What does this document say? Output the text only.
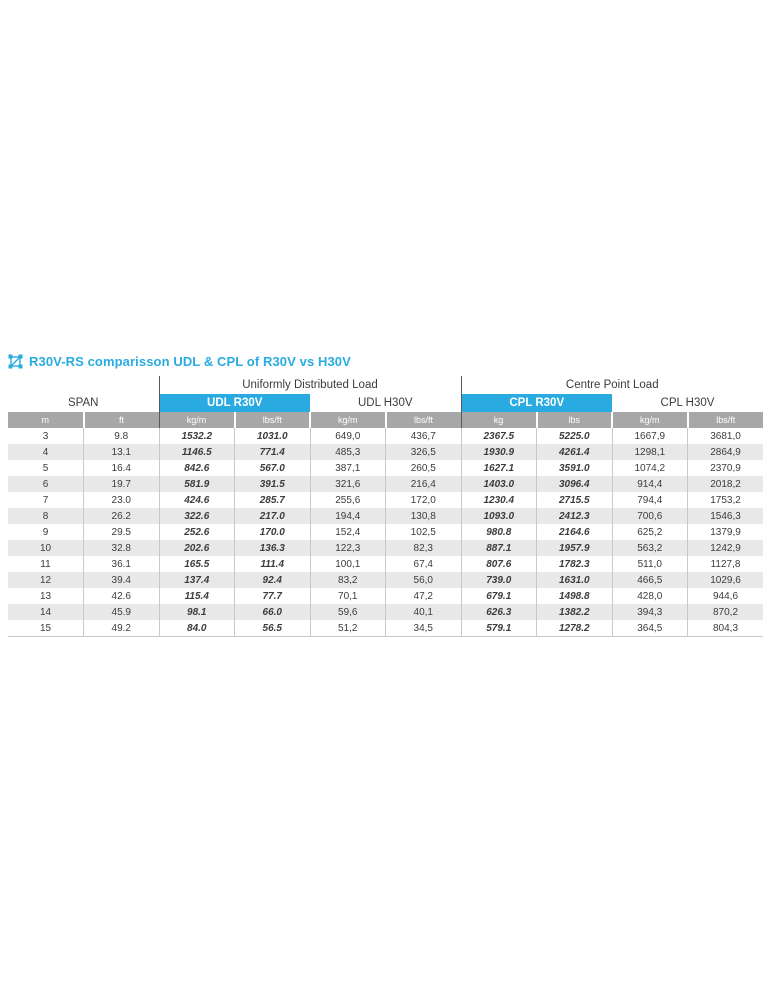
R30V-RS comparisson UDL & CPL of R30V vs H30V
		Uniformly Distributed Load				Centre Point Load			
SPAN		UDL R30V		UDL H30V		CPL R30V		CPL H30V	
m	ft	kg/m	lbs/ft	kg/m	lbs/ft	kg	lbs	kg/m	lbs/ft
3	9.8	1532.2	1031.0	649,0	436,7	2367.5	5225.0	1667,9	3681,0
4	13.1	1146.5	771.4	485,3	326,5	1930.9	4261.4	1298,1	2864,9
5	16.4	842.6	567.0	387,1	260,5	1627.1	3591.0	1074,2	2370,9
6	19.7	581.9	391.5	321,6	216,4	1403.0	3096.4	914,4	2018,2
7	23.0	424.6	285.7	255,6	172,0	1230.4	2715.5	794,4	1753,2
8	26.2	322.6	217.0	194,4	130,8	1093.0	2412.3	700,6	1546,3
9	29.5	252.6	170.0	152,4	102,5	980.8	2164.6	625,2	1379,9
10	32.8	202.6	136.3	122,3	82,3	887.1	1957.9	563,2	1242,9
11	36.1	165.5	111.4	100,1	67,4	807.6	1782.3	511,0	1127,8
12	39.4	137.4	92.4	83,2	56,0	739.0	1631.0	466,5	1029,6
13	42.6	115.4	77.7	70,1	47,2	679.1	1498.8	428,0	944,6
14	45.9	98.1	66.0	59,6	40,1	626.3	1382.2	394,3	870,2
15	49.2	84.0	56.5	51,2	34,5	579.1	1278.2	364,5	804,3
